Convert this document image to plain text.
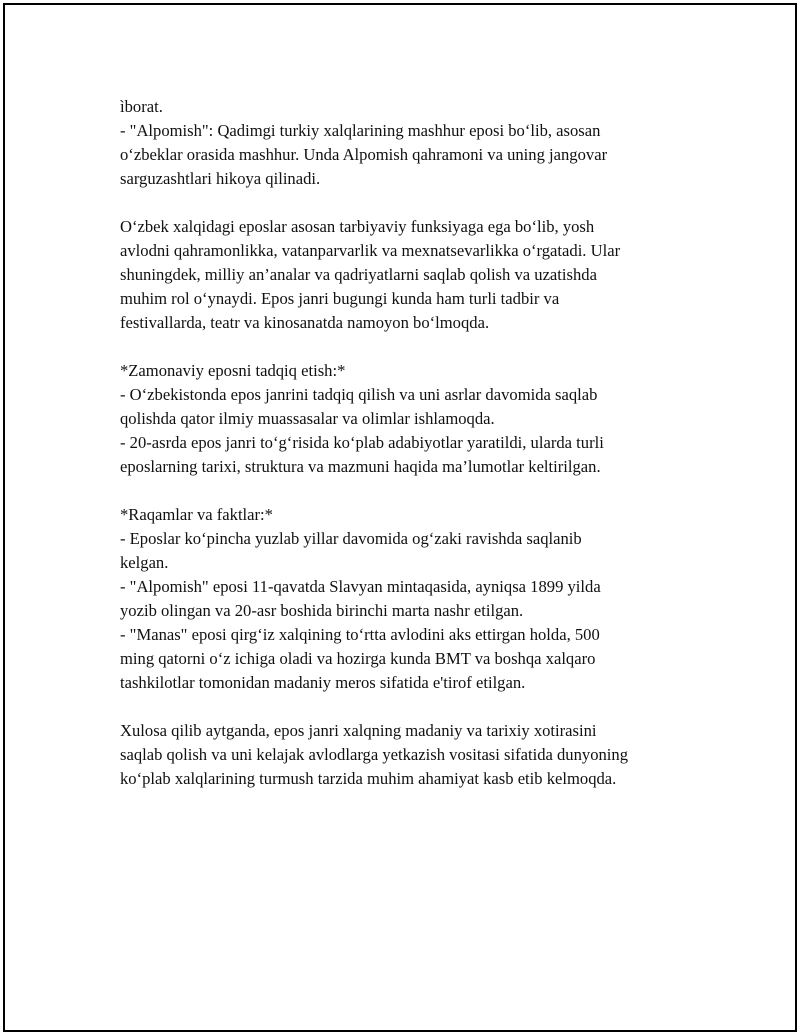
ìborat.
- "Alpomish": Qadimgi turkiy xalqlarining mashhur eposi bo‘lib, asosan
o‘zbeklar orasida mashhur. Unda Alpomish qahramoni va uning jangovar
sarguzashtlari hikoya qilinadi.
O‘zbek xalqidagi eposlar asosan tarbiyaviy funksiyaga ega bo‘lib, yosh
avlodni qahramonlikka, vatanparvarlik va mexnatsevarlikka o‘rgatadi. Ular
shuningdek, milliy an’analar va qadriyatlarni saqlab qolish va uzatishda
muhim rol o‘ynaydi. Epos janri bugungi kunda ham turli tadbir va
festivallarda, teatr va kinosanatda namoyon bo‘lmoqda.
*Zamonaviy eposni tadqiq etish:*
- O‘zbekistonda epos janrini tadqiq qilish va uni asrlar davomida saqlab
qolishda qator ilmiy muassasalar va olimlar ishlamoqda.
- 20-asrda epos janri to‘g‘risida ko‘plab adabiyotlar yaratildi, ularda turli
eposlarning tarixi, struktura va mazmuni haqida ma’lumotlar keltirilgan.
*Raqamlar va faktlar:*
- Eposlar ko‘pincha yuzlab yillar davomida og‘zaki ravishda saqlanib
kelgan.
- "Alpomish" eposi 11-qavatda Slavyan mintaqasida, ayniqsa 1899 yilda
yozib olingan va 20-asr boshida birinchi marta nashr etilgan.
- "Manas" eposi qirg‘iz xalqining to‘rtta avlodini aks ettirgan holda, 500
ming qatorni o‘z ichiga oladi va hozirga kunda BMT va boshqa xalqaro
tashkilotlar tomonidan madaniy meros sifatida e'tirof etilgan.
Xulosa qilib aytganda, epos janri xalqning madaniy va tarixiy xotirasini
saqlab qolish va uni kelajak avlodlarga yetkazish vositasi sifatida dunyoning
ko‘plab xalqlarining turmush tarzida muhim ahamiyat kasb etib kelmoqda.
